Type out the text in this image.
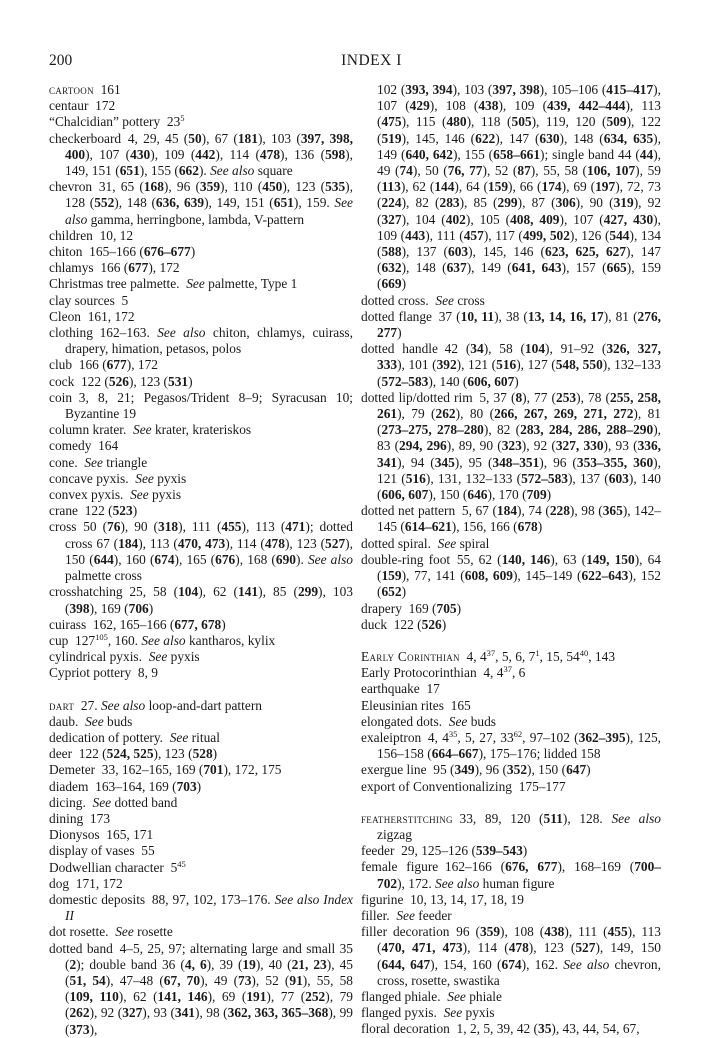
200	INDEX I

cartoon 161

centaur 172

“Chalcidian” pottery $23^5$

checkerboard 4, 29, 45 (50), 67 (181), 103 (397, 398, 400), 107 (430), 109 (442), 114 (478), 136 (598), 149, 151 (651), 155 (662). See also square

chevron 31, 65 (168), 96 (359), 110 (450), 123 (535), 128 (552), 148 (636, 639), 149, 151 (651), 159. See also gamma, herringbone, lambda, V-pattern

children 10, 12

chiton 165–166 (676–677)

chlamys 166 (677), 172

Christmas tree palmette.  See palmette, Type 1

clay sources 5

Cleon 161, 172

clothing 162–163. See also chiton, chlamys, cuirass, drapery, himation, petasos, polos

club 166 (677), 172

cock 122 (526), 123 (531)

coin 3, 8, 21; Pegasos/Trident 8–9; Syracusan 10; Byzantine 19

column krater.  See krater, krateriskos

comedy 164

cone.  See triangle

concave pyxis.  See pyxis

convex pyxis.  See pyxis

crane 122 (523)

cross 50 (76), 90 (318), 111 (455), 113 (471); dotted cross 67 (184), 113 (470, 473), 114 (478), 123 (527), 150 (644), 160 (674), 165 (676), 168 (690). See also palmette cross

crosshatching 25, 58 (104), 62 (141), 85 (299), 103 (398), 169 (706)

cuirass 162, 165–166 (677, 678)

cup $127^{105}$, 160. See also kantharos, kylix

cylindrical pyxis.  See pyxis

Cypriot pottery 8, 9

dart 27. See also loop-and-dart pattern

daub.  See buds

dedication of pottery.  See ritual

deer 122 (524, 525), 123 (528)

Demeter 33, 162–165, 169 (701), 172, 175

diadem 163–164, 169 (703)

dicing.  See dotted band

dining 173

Dionysos 165, 171

display of vases 55

Dodwellian character $5^{45}$

dog 171, 172

domestic deposits 88, 97, 102, 173–176. See also Index II

dot rosette.  See rosette

dotted band 4–5, 25, 97; alternating large and small 35 (2); double band 36 (4, 6), 39 (19), 40 (21, 23), 45 (51, 54), 47–48 (67, 70), 49 (73), 52 (91), 55, 58 (109, 110), 62 (141, 146), 69 (191), 77 (252), 79 (262), 92 (327), 93 (341), 98 (362, 363, 365–368), 99 (373),

102 (393, 394), 103 (397, 398), 105–106 (415–417), 107 (429), 108 (438), 109 (439, 442–444), 113 (475), 115 (480), 118 (505), 119, 120 (509), 122 (519), 145, 146 (622), 147 (630), 148 (634, 635), 149 (640, 642), 155 (658–661); single band 44 (44), 49 (74), 50 (76, 77), 52 (87), 55, 58 (106, 107), 59 (113), 62 (144), 64 (159), 66 (174), 69 (197), 72, 73 (224), 82 (283), 85 (299), 87 (306), 90 (319), 92 (327), 104 (402), 105 (408, 409), 107 (427, 430), 109 (443), 111 (457), 117 (499, 502), 126 (544), 134 (588), 137 (603), 145, 146 (623, 625, 627), 147 (632), 148 (637), 149 (641, 643), 157 (665), 159 (669)

dotted cross.  See cross

dotted flange 37 (10, 11), 38 (13, 14, 16, 17), 81 (276, 277)

dotted handle 42 (34), 58 (104), 91–92 (326, 327, 333), 101 (392), 121 (516), 127 (548, 550), 132–133 (572–583), 140 (606, 607)

dotted lip/dotted rim 5, 37 (8), 77 (253), 78 (255, 258, 261), 79 (262), 80 (266, 267, 269, 271, 272), 81 (273–275, 278–280), 82 (283, 284, 286, 288–290), 83 (294, 296), 89, 90 (323), 92 (327, 330), 93 (336, 341), 94 (345), 95 (348–351), 96 (353–355, 360), 121 (516), 131, 132–133 (572–583), 137 (603), 140 (606, 607), 150 (646), 170 (709)

dotted net pattern 5, 67 (184), 74 (228), 98 (365), 142–145 (614–621), 156, 166 (678)

dotted spiral.  See spiral

double-ring foot 55, 62 (140, 146), 63 (149, 150), 64 (159), 77, 141 (608, 609), 145–149 (622–643), 152 (652)

drapery 169 (705)

duck 122 (526)

Early Corinthian 4, $4^{37}$, 5, 6, $7^1$, 15, $54^{40}$, 143

Early Protocorinthian 4, $4^{37}$, 6

earthquake 17

Eleusinian rites 165

elongated dots.  See buds

exaleiptron 4, $4^{35}$, 5, 27, $33^{62}$, 97–102 (362–395), 125, 156–158 (664–667), 175–176; lidded 158

exergue line 95 (349), 96 (352), 150 (647)

export of Conventionalizing 175–177

featherstitching 33, 89, 120 (511), 128. See also zigzag

feeder 29, 125–126 (539–543)

female figure 162–166 (676, 677), 168–169 (700–702), 172. See also human figure

figurine 10, 13, 14, 17, 18, 19

filler.  See feeder

filler decoration 96 (359), 108 (438), 111 (455), 113 (470, 471, 473), 114 (478), 123 (527), 149, 150 (644, 647), 154, 160 (674), 162. See also chevron, cross, rosette, swastika

flanged phiale.  See phiale

flanged pyxis.  See pyxis

floral decoration 1, 2, 5, 39, 42 (35), 43, 44, 54, 67,
